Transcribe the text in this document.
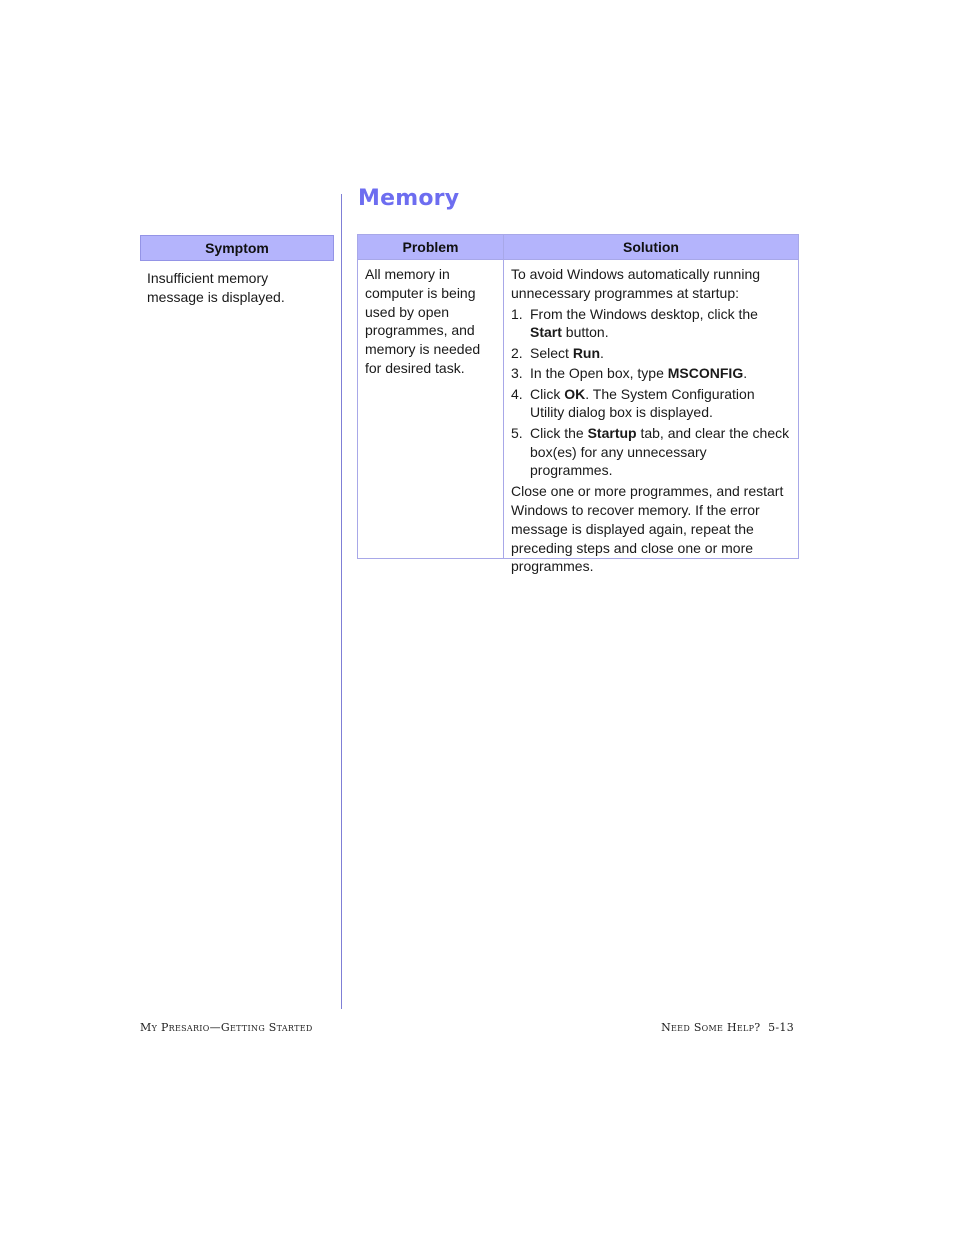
Memory
Symptom
Insufficient memory message is displayed.
Problem
All memory in computer is being used by open programmes, and memory is needed for desired task.
Solution
To avoid Windows automatically running unnecessary programmes at startup:
1. From the Windows desktop, click the Start button.
2. Select Run.
3. In the Open box, type MSCONFIG.
4. Click OK. The System Configuration Utility dialog box is displayed.
5. Click the Startup tab, and clear the check box(es) for any unnecessary programmes.
Close one or more programmes, and restart Windows to recover memory. If the error message is displayed again, repeat the preceding steps and close one or more programmes.
My Presario—Getting Started	Need Some Help? 5-13
